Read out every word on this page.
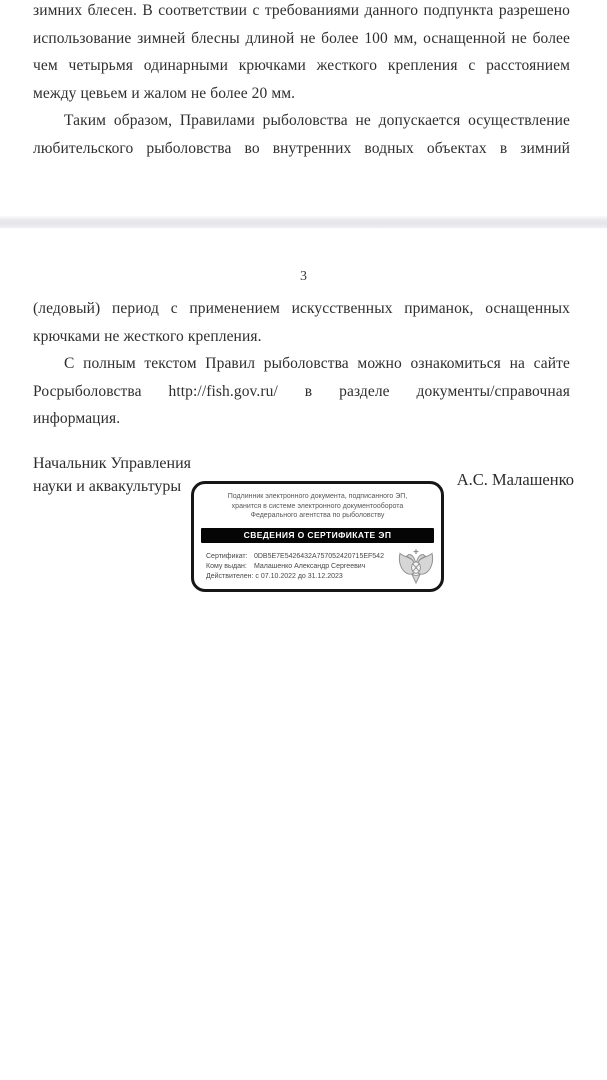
зимних блесен. В соответствии с требованиями данного подпункта разрешено
использование зимней блесны длиной не более 100 мм, оснащенной не более
чем четырьмя одинарными крючками жесткого крепления с расстоянием
между цевьем и жалом не более 20 мм.
Таким образом, Правилами рыболовства не допускается осуществление
любительского рыболовства во внутренних водных объектах в зимний
3
(ледовый) период с применением искусственных приманок, оснащенных
крючками не жесткого крепления.
С полным текстом Правил рыболовства можно ознакомиться на сайте
Росрыболовства http://fish.gov.ru/ в разделе документы/справочная
информация.
Начальник Управления
науки и аквакультуры	А.С. Малашенко
Подлинник электронного документа, подписанного ЭП,
хранится в системе электронного документооборота
Федерального агентства по рыболовству
СВЕДЕНИЯ О СЕРТИФИКАТЕ ЭП
Сертификат: 0DB5E7E5426432A757052420715EF542
Кому выдан: Малашенко Александр Сергеевич
Действителен: с 07.10.2022 до 31.12.2023
